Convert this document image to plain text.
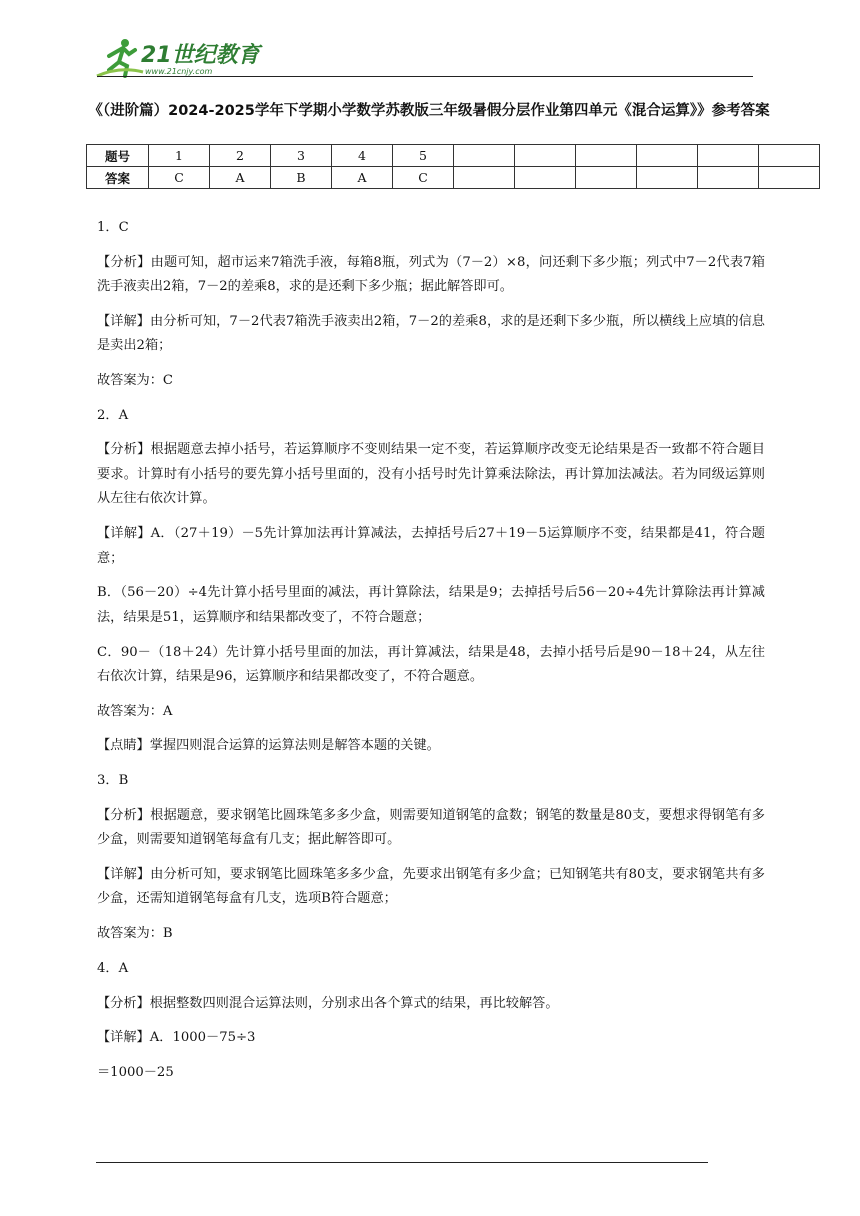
21世纪教育
www.21cnjy.com
《（进阶篇）2024-2025学年下学期小学数学苏教版三年级暑假分层作业第四单元《混合运算》》参考答案
题号	1	2	3	4	5						
答案	C	A	B	A	C						

1．C

【分析】由题可知，超市运来7箱洗手液，每箱8瓶，列式为（7－2）×8，问还剩下多少瓶；列式中7－2代表7箱洗手液卖出2箱，7－2的差乘8，求的是还剩下多少瓶；据此解答即可。

【详解】由分析可知，7－2代表7箱洗手液卖出2箱，7－2的差乘8，求的是还剩下多少瓶，所以横线上应填的信息是卖出2箱；

故答案为：C

2．A

【分析】根据题意去掉小括号，若运算顺序不变则结果一定不变，若运算顺序改变无论结果是否一致都不符合题目要求。计算时有小括号的要先算小括号里面的，没有小括号时先计算乘法除法，再计算加法减法。若为同级运算则从左往右依次计算。

【详解】A．（27＋19）－5先计算加法再计算减法，去掉括号后27＋19－5运算顺序不变，结果都是41，符合题意；

B．（56－20）÷4先计算小括号里面的减法，再计算除法，结果是9；去掉括号后56－20÷4先计算除法再计算减法，结果是51，运算顺序和结果都改变了，不符合题意；

C．90－（18＋24）先计算小括号里面的加法，再计算减法，结果是48，去掉小括号后是90－18＋24，从左往右依次计算，结果是96，运算顺序和结果都改变了，不符合题意。

故答案为：A

【点睛】掌握四则混合运算的运算法则是解答本题的关键。

3．B

【分析】根据题意，要求钢笔比圆珠笔多多少盒，则需要知道钢笔的盒数；钢笔的数量是80支，要想求得钢笔有多少盒，则需要知道钢笔每盒有几支；据此解答即可。

【详解】由分析可知，要求钢笔比圆珠笔多多少盒，先要求出钢笔有多少盒；已知钢笔共有80支，要求钢笔共有多少盒，还需知道钢笔每盒有几支，选项B符合题意；

故答案为：B

4．A

【分析】根据整数四则混合运算法则，分别求出各个算式的结果，再比较解答。

【详解】A．1000－75÷3

＝1000－25
